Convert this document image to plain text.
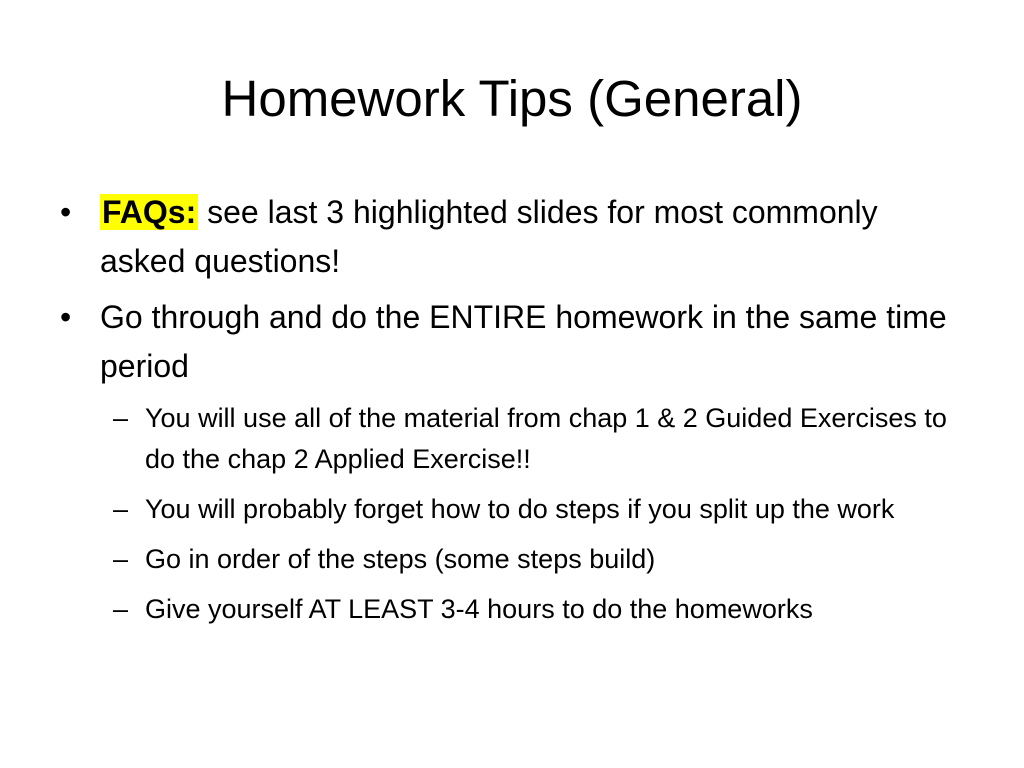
Homework Tips (General)
• FAQs: see last 3 highlighted slides for most commonly asked questions!
• Go through and do the ENTIRE homework in the same time period
– You will use all of the material from chap 1 & 2 Guided Exercises to do the chap 2 Applied Exercise!!
– You will probably forget how to do steps if you split up the work
– Go in order of the steps (some steps build)
– Give yourself AT LEAST 3-4 hours to do the homeworks
